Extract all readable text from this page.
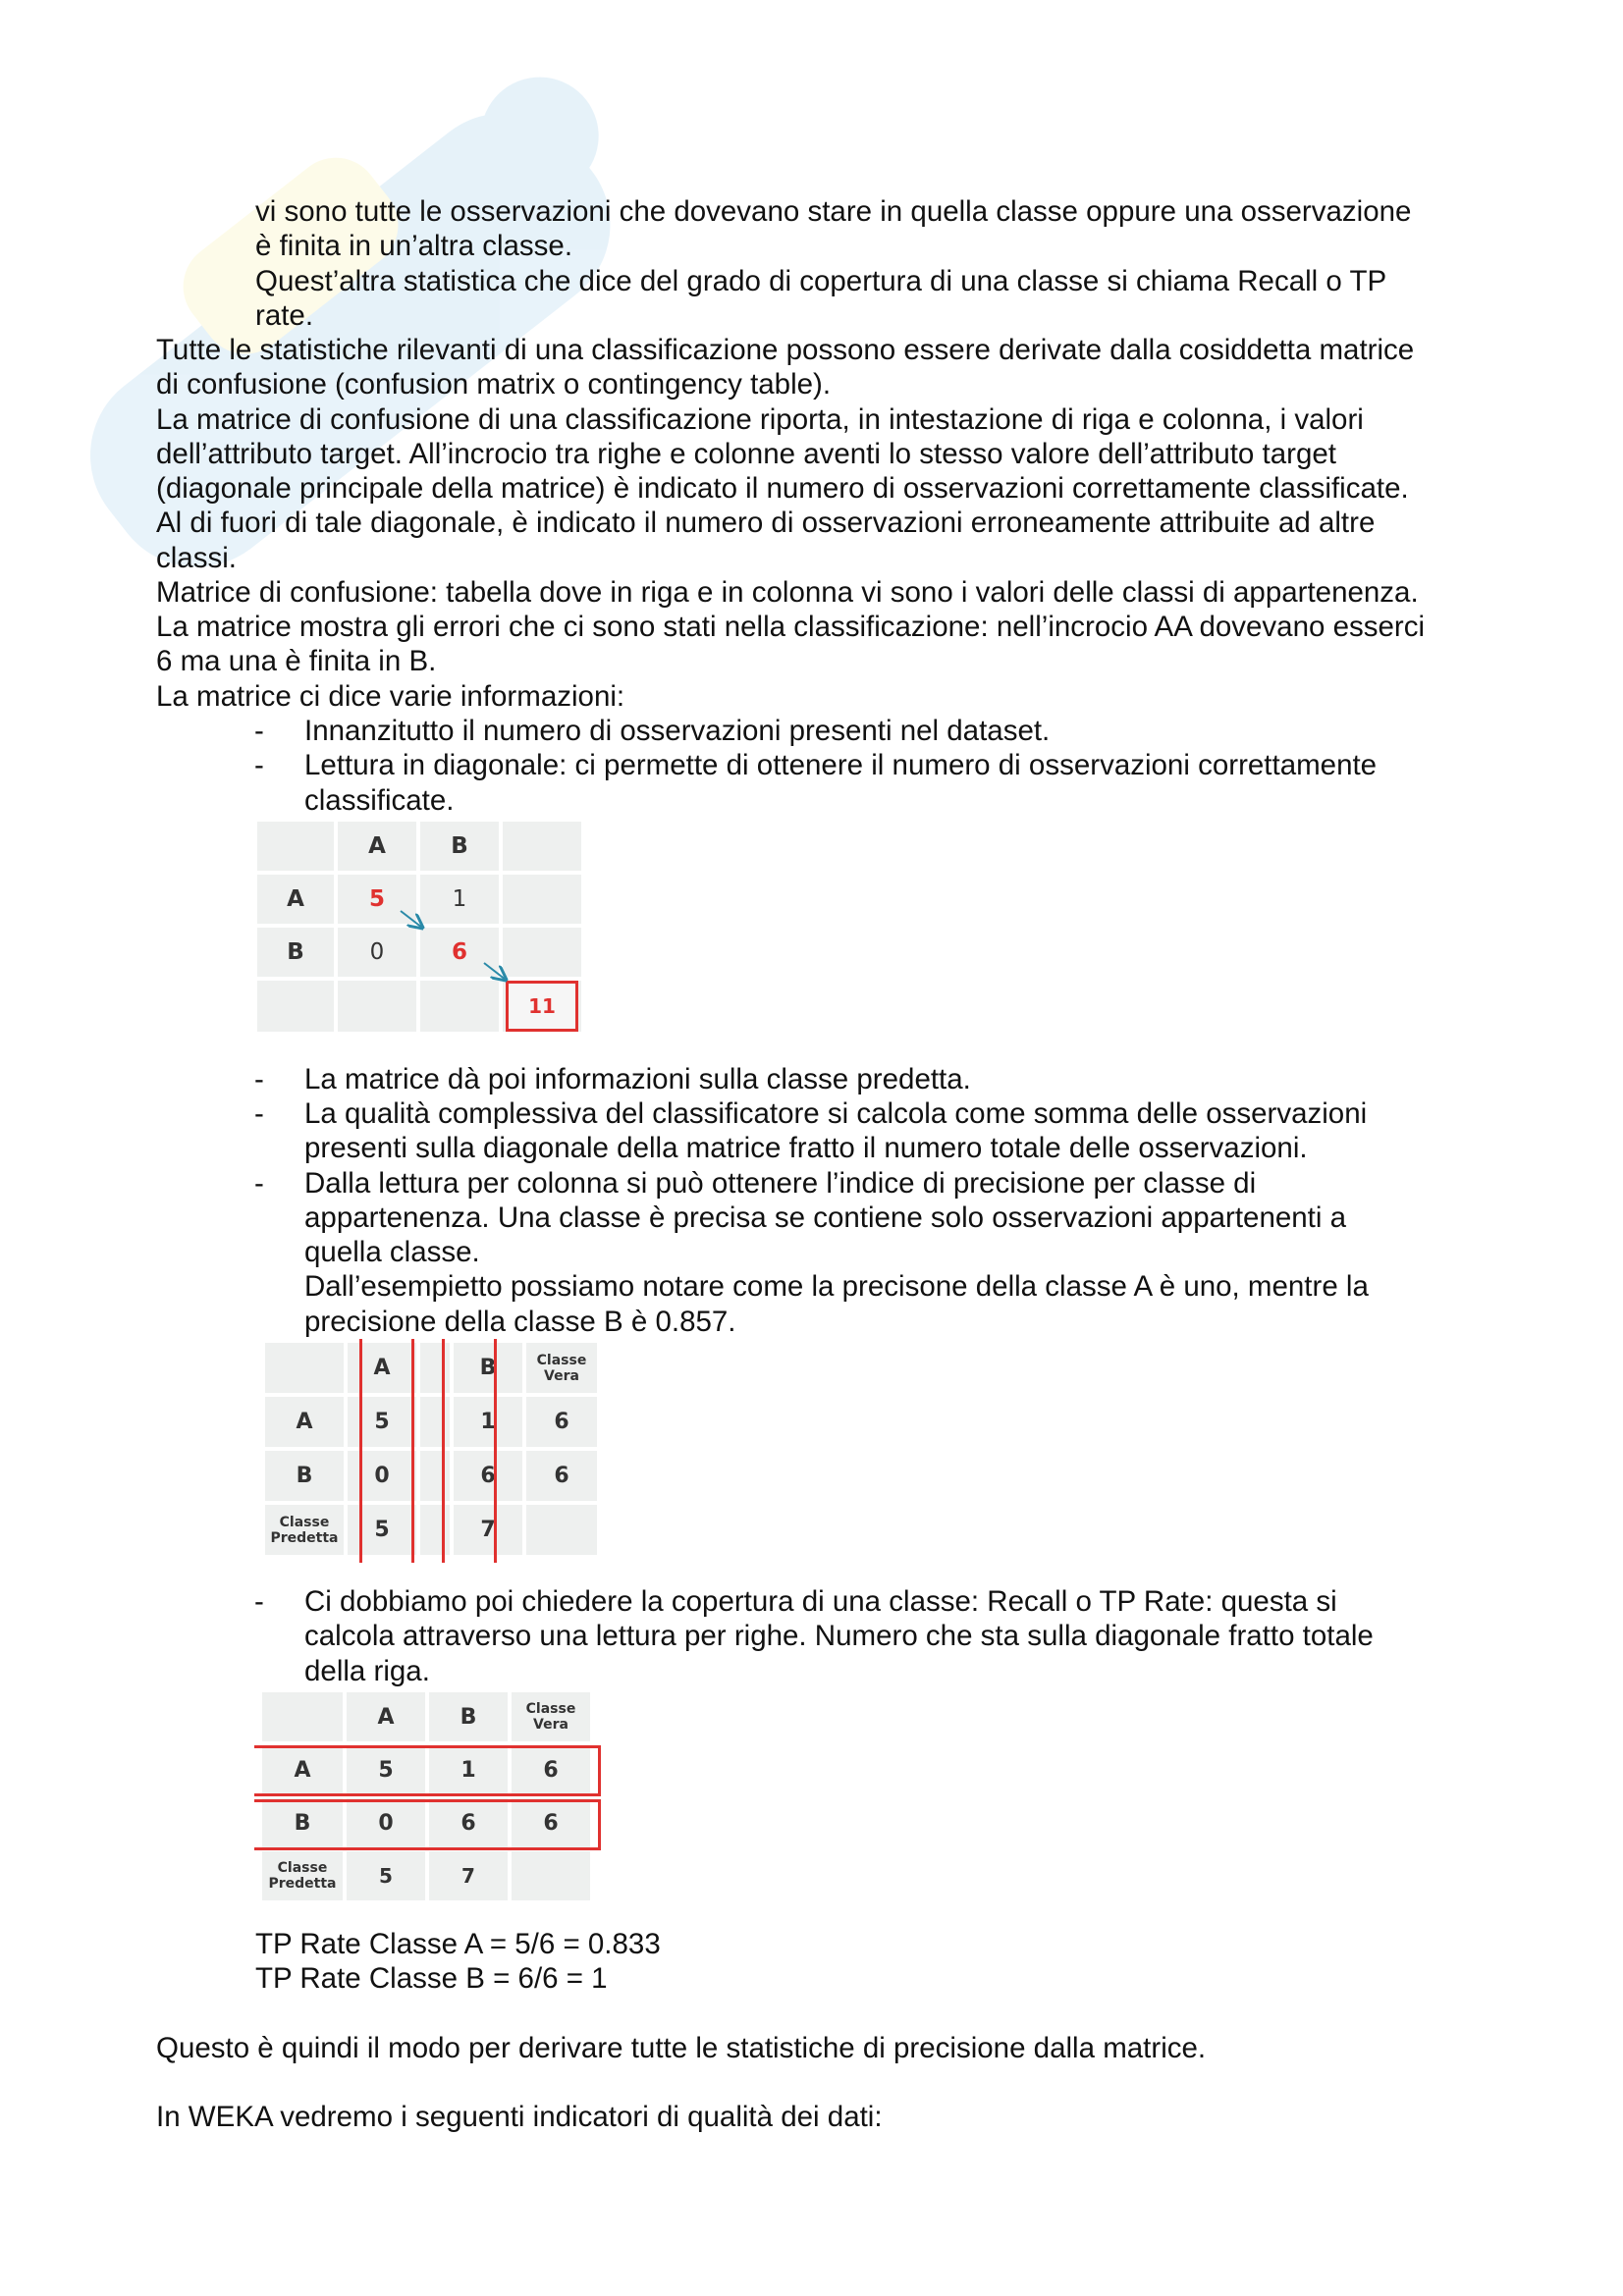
vi sono tutte le osservazioni che dovevano stare in quella classe oppure una osservazione

è finita in un’altra classe.

Quest’altra statistica che dice del grado di copertura di una classe si chiama Recall o TP

rate.

Tutte le statistiche rilevanti di una classificazione possono essere derivate dalla cosiddetta matrice

di confusione (confusion matrix o contingency table).

La matrice di confusione di una classificazione riporta, in intestazione di riga e colonna, i valori

dell’attributo target. All’incrocio tra righe e colonne aventi lo stesso valore dell’attributo target

(diagonale principale della matrice) è indicato il numero di osservazioni correttamente classificate.

Al di fuori di tale diagonale, è indicato il numero di osservazioni erroneamente attribuite ad altre

classi.

Matrice di confusione: tabella dove in riga e in colonna vi sono i valori delle classi di appartenenza.

La matrice mostra gli errori che ci sono stati nella classificazione: nell’incrocio AA dovevano esserci

6 ma una è finita in B.

La matrice ci dice varie informazioni:

- Innanzitutto il numero di osservazioni presenti nel dataset.

- Lettura in diagonale: ci permette di ottenere il numero di osservazioni correttamente

classificate.

	A	B	
A	5	1	
B	0	6	
			11
- La matrice dà poi informazioni sulla classe predetta.

- La qualità complessiva del classificatore si calcola come somma delle osservazioni

presenti sulla diagonale della matrice fratto il numero totale delle osservazioni.

- Dalla lettura per colonna si può ottenere l’indice di precisione per classe di

appartenenza. Una classe è precisa se contiene solo osservazioni appartenenti a

quella classe.

Dall’esempietto possiamo notare come la precisone della classe A è uno, mentre la

precisione della classe B è 0.857.

	A		B	Classe
Vera

A	5		1	6
B	0		6	6

Classe
Predetta	5		7	
- Ci dobbiamo poi chiedere la copertura di una classe: Recall o TP Rate: questa si

calcola attraverso una lettura per righe. Numero che sta sulla diagonale fratto totale

della riga.

	A	B	Classe
Vera

A	5	1	6
B	0	6	6

Classe
Predetta	5	7	

TP Rate Classe A = 5/6 = 0.833

TP Rate Classe B = 6/6 = 1

Questo è quindi il modo per derivare tutte le statistiche di precisione dalla matrice.

In WEKA vedremo i seguenti indicatori di qualità dei dati:
